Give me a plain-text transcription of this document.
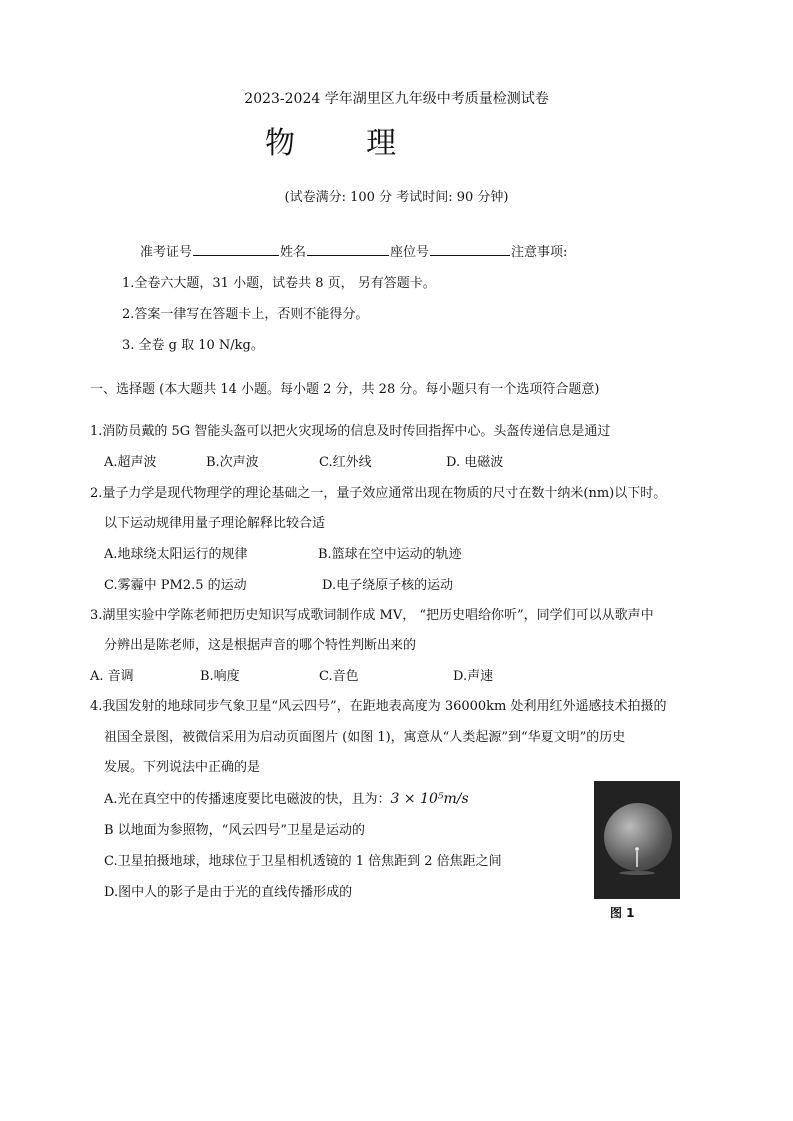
2023-2024 学年湖里区九年级中考质量检测试卷
物 理
(试卷满分: 100 分 考试时间: 90 分钟)
准考证号	姓名	座位号	注意事项:
1.全卷六大题，31 小题，试卷共 8 页， 另有答题卡。
2.答案一律写在答题卡上，否则不能得分。
3. 全卷 g 取 10 N/kg。
一、选择题 (本大题共 14 小题。每小题 2 分，共 28 分。每小题只有一个选项符合题意)
1.消防员戴的 5G 智能头盔可以把火灾现场的信息及时传回指挥中心。头盔传递信息是通过
A.超声波	B.次声波	C.红外线	D. 电磁波
2.量子力学是现代物理学的理论基础之一，量子效应通常出现在物质的尺寸在数十纳米(nm)以下时。
以下运动规律用量子理论解释比较合适
A.地球绕太阳运行的规律	B.篮球在空中运动的轨迹
C.雾霾中 PM2.5 的运动	D.电子绕原子核的运动
3.湖里实验中学陈老师把历史知识写成歌词制作成 MV， “把历史唱给你听”，同学们可以从歌声中
分辨出是陈老师，这是根据声音的哪个特性判断出来的
A. 音调	B.响度	C.音色	D.声速
4.我国发射的地球同步气象卫星“风云四号”，在距地表高度为 36000km 处利用红外遥感技术拍摄的
祖国全景图，被微信采用为启动页面图片 (如图 1)，寓意从“人类起源”到“华夏文明”的历史
发展。下列说法中正确的是
A.光在真空中的传播速度要比电磁波的快，且为：3 × 10⁵m/s
B 以地面为参照物，“风云四号”卫星是运动的
C.卫星拍摄地球，地球位于卫星相机透镜的 1 倍焦距到 2 倍焦距之间
D.图中人的影子是由于光的直线传播形成的
图 1
